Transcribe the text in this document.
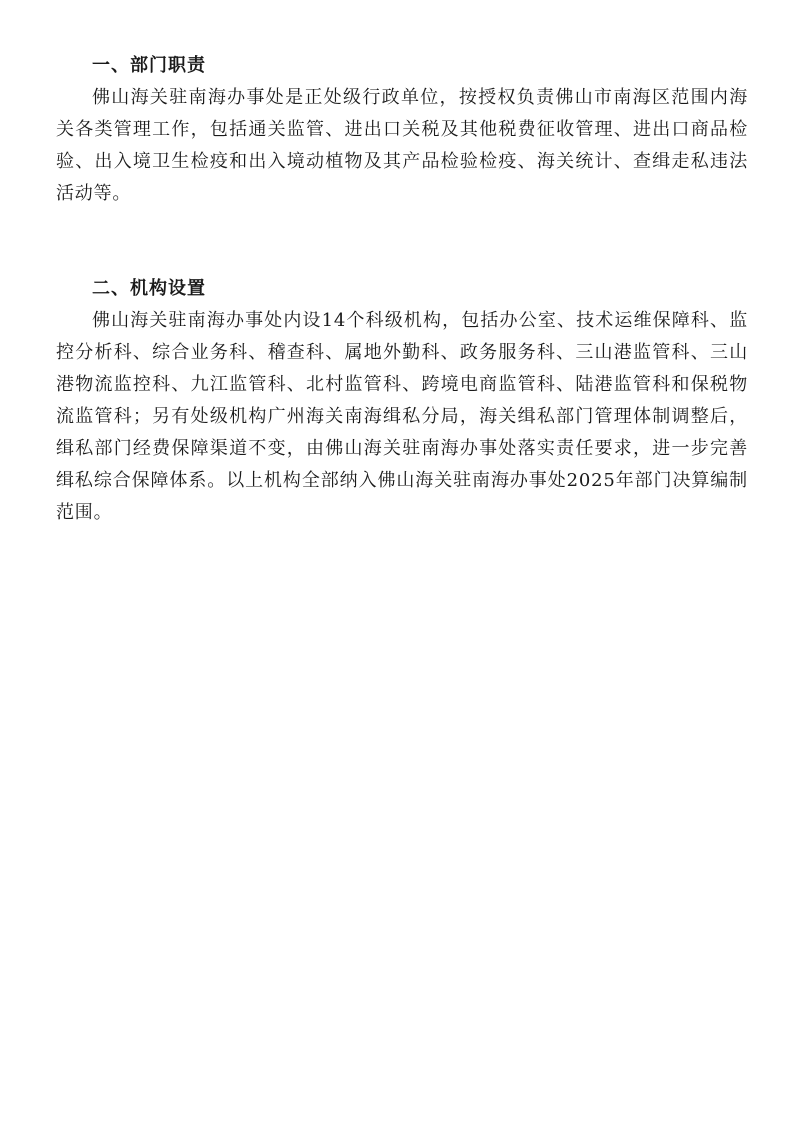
一、部门职责

佛山海关驻南海办事处是正处级行政单位，按授权负责佛山市南海区范围内海关各类管理工作，包括通关监管、进出口关税及其他税费征收管理、进出口商品检验、出入境卫生检疫和出入境动植物及其产品检验检疫、海关统计、查缉走私违法活动等。

二、机构设置

佛山海关驻南海办事处内设14个科级机构，包括办公室、技术运维保障科、监控分析科、综合业务科、稽查科、属地外勤科、政务服务科、三山港监管科、三山港物流监控科、九江监管科、北村监管科、跨境电商监管科、陆港监管科和保税物流监管科；另有处级机构广州海关南海缉私分局，海关缉私部门管理体制调整后，缉私部门经费保障渠道不变，由佛山海关驻南海办事处落实责任要求，进一步完善缉私综合保障体系。以上机构全部纳入佛山海关驻南海办事处2025年部门决算编制范围。
